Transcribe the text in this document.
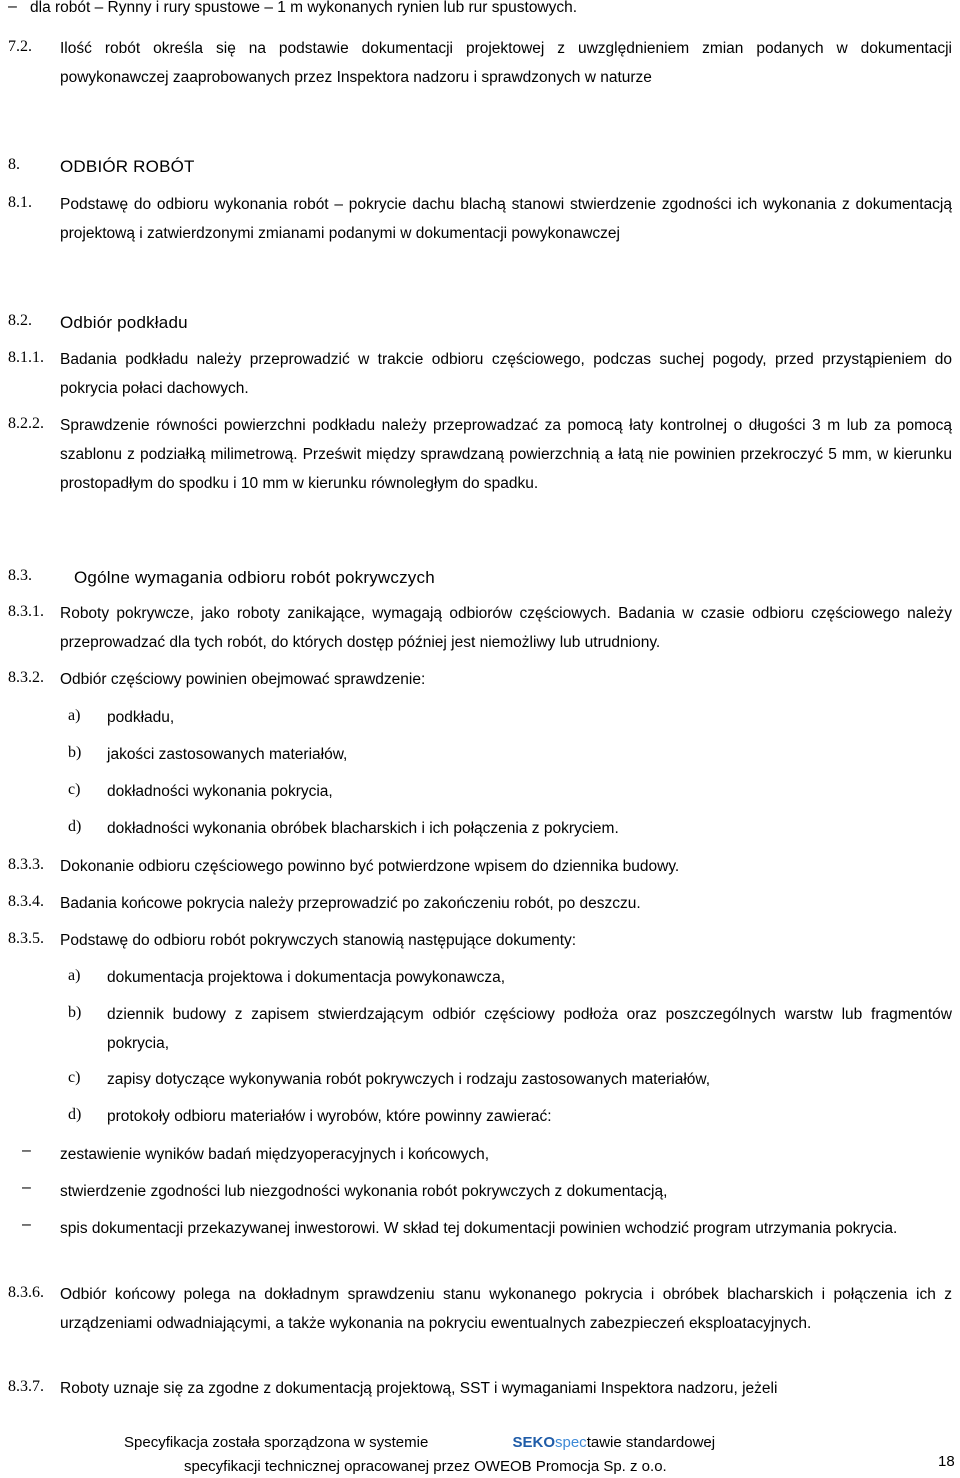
– dla robót – Rynny i rury spustowe – 1 m wykonanych rynien lub rur spustowych.
7.2. Ilość robót określa się na podstawie dokumentacji projektowej z uwzględnieniem zmian podanych w dokumentacji powykonawczej zaaprobowanych przez Inspektora nadzoru i sprawdzonych w naturze
8. ODBIÓR ROBÓT
8.1. Podstawę do odbioru wykonania robót – pokrycie dachu blachą stanowi stwierdzenie zgodności ich wykonania z dokumentacją projektową i zatwierdzonymi zmianami podanymi w dokumentacji powykonawczej
8.2. Odbiór podkładu
8.1.1. Badania podkładu należy przeprowadzić w trakcie odbioru częściowego, podczas suchej pogody, przed przystąpieniem do pokrycia połaci dachowych.
8.2.2. Sprawdzenie równości powierzchni podkładu należy przeprowadzać za pomocą łaty kontrolnej o długości 3 m lub za pomocą szablonu z podziałką milimetrową. Prześwit między sprawdzaną powierzchnią a łatą nie powinien przekroczyć 5 mm, w kierunku prostopadłym do spodku i 10 mm w kierunku równoległym do spadku.
8.3. Ogólne wymagania odbioru robót pokrywczych
8.3.1. Roboty pokrywcze, jako roboty zanikające, wymagają odbiorów częściowych. Badania w czasie odbioru częściowego należy przeprowadzać dla tych robót, do których dostęp później jest niemożliwy lub utrudniony.
8.3.2. Odbiór częściowy powinien obejmować sprawdzenie:
a) podkładu,
b) jakości zastosowanych materiałów,
c) dokładności wykonania pokrycia,
d) dokładności wykonania obróbek blacharskich i ich połączenia z pokryciem.
8.3.3. Dokonanie odbioru częściowego powinno być potwierdzone wpisem do dziennika budowy.
8.3.4. Badania końcowe pokrycia należy przeprowadzić po zakończeniu robót, po deszczu.
8.3.5. Podstawę do odbioru robót pokrywczych stanowią następujące dokumenty:
a) dokumentacja projektowa i dokumentacja powykonawcza,
b) dziennik budowy z zapisem stwierdzającym odbiór częściowy podłoża oraz poszczególnych warstw lub fragmentów pokrycia,
c) zapisy dotyczące wykonywania robót pokrywczych i rodzaju zastosowanych materiałów,
d) protokoły odbioru materiałów i wyrobów, które powinny zawierać:
– zestawienie wyników badań międzyoperacyjnych i końcowych,
– stwierdzenie zgodności lub niezgodności wykonania robót pokrywczych z dokumentacją,
– spis dokumentacji przekazywanej inwestorowi. W skład tej dokumentacji powinien wchodzić program utrzymania pokrycia.
8.3.6. Odbiór końcowy polega na dokładnym sprawdzeniu stanu wykonanego pokrycia i obróbek blacharskich i połączenia ich z urządzeniami odwadniającymi, a także wykonania na pokryciu ewentualnych zabezpieczeń eksploatacyjnych.
8.3.7. Roboty uznaje się za zgodne z dokumentacją projektową, SST i wymaganiami Inspektora nadzoru, jeżeli
Specyfikacja została sporządzona w systemie	SEKOspectawie standardowej
specyfikacji technicznej opracowanej przez OWEOB Promocja Sp. z o.o.	18
